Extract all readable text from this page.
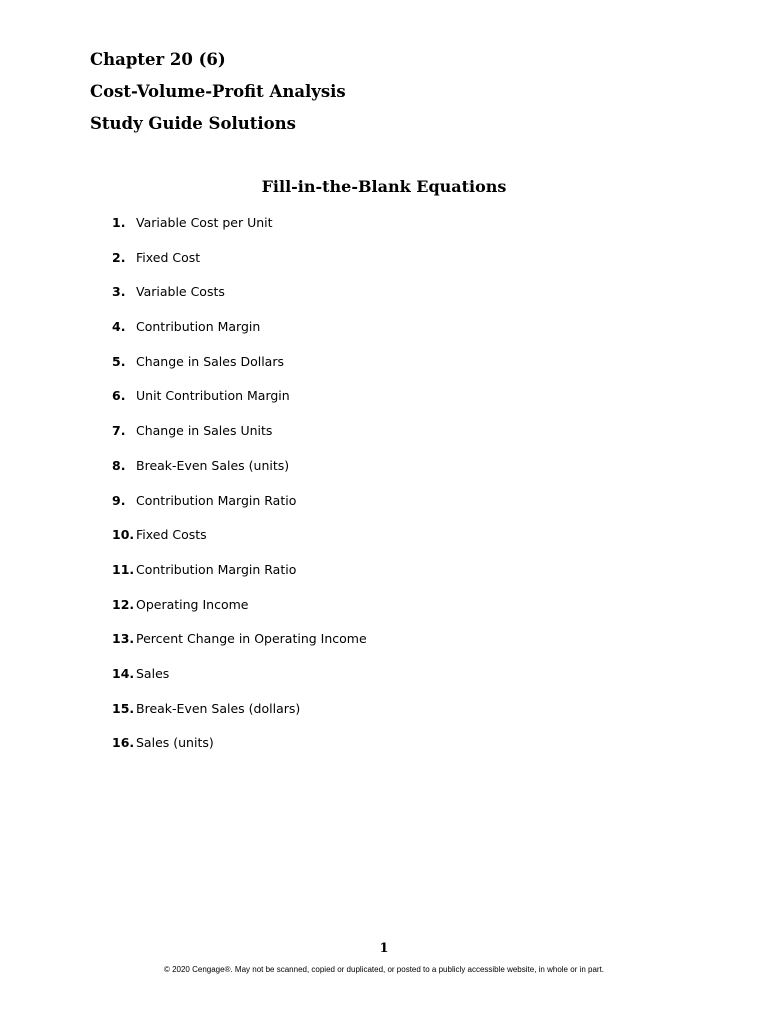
Chapter 20 (6)
Cost-Volume-Profit Analysis
Study Guide Solutions
Fill-in-the-Blank Equations
1. Variable Cost per Unit
2. Fixed Cost
3. Variable Costs
4. Contribution Margin
5. Change in Sales Dollars
6. Unit Contribution Margin
7. Change in Sales Units
8. Break-Even Sales (units)
9. Contribution Margin Ratio
10. Fixed Costs
11. Contribution Margin Ratio
12. Operating Income
13. Percent Change in Operating Income
14. Sales
15. Break-Even Sales (dollars)
16. Sales (units)
1
© 2020 Cengage®. May not be scanned, copied or duplicated, or posted to a publicly accessible website, in whole or in part.
